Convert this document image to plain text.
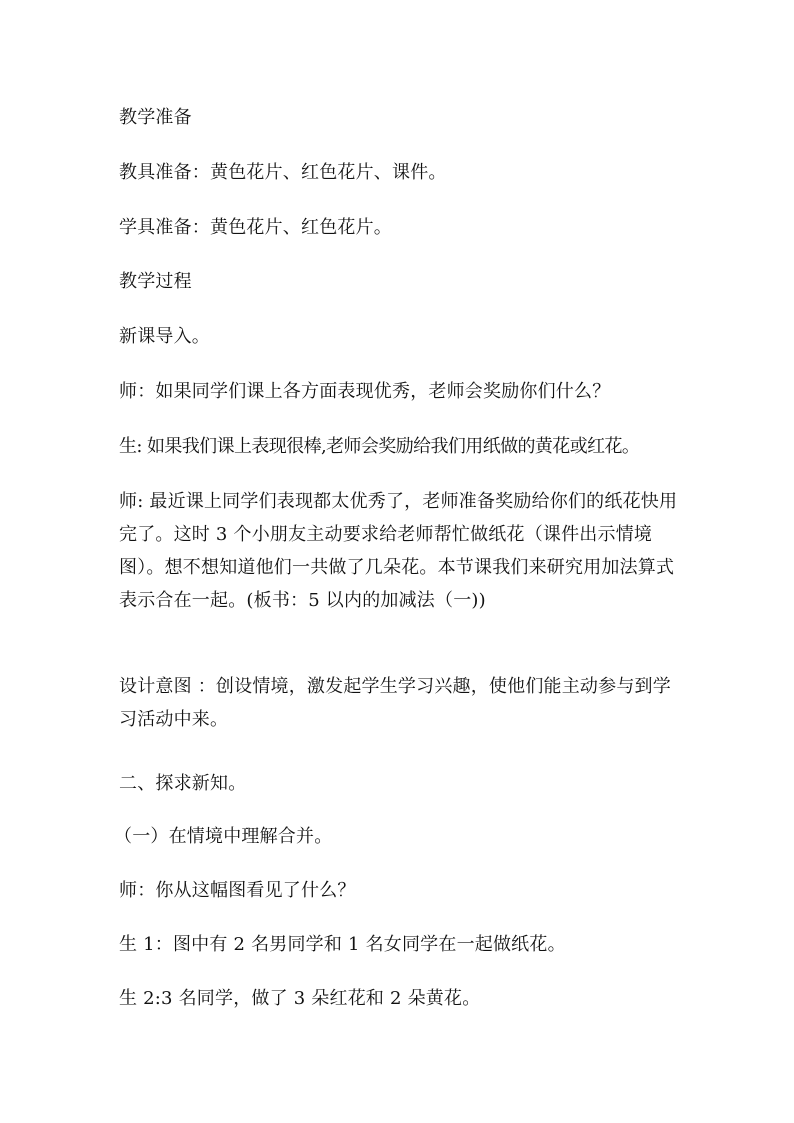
教学准备

教具准备：黄色花片、红色花片、课件。

学具准备：黄色花片、红色花片。

教学过程

新课导入。

师：如果同学们课上各方面表现优秀，老师会奖励你们什么？

生: 如果我们课上表现很棒,老师会奖励给我们用纸做的黄花或红花。

师: 最近课上同学们表现都太优秀了，老师准备奖励给你们的纸花快用完了。这时 3 个小朋友主动要求给老师帮忙做纸花（课件出示情境图）。想不想知道他们一共做了几朵花。本节课我们来研究用加法算式表示合在一起。(板书：5 以内的加减法（一))

设计意图 ：创设情境，激发起学生学习兴趣，使他们能主动参与到学习活动中来。

二、探求新知。

（一）在情境中理解合并。

师：你从这幅图看见了什么？

生 1：图中有 2 名男同学和 1 名女同学在一起做纸花。

生 2:3 名同学，做了 3 朵红花和 2 朵黄花。
